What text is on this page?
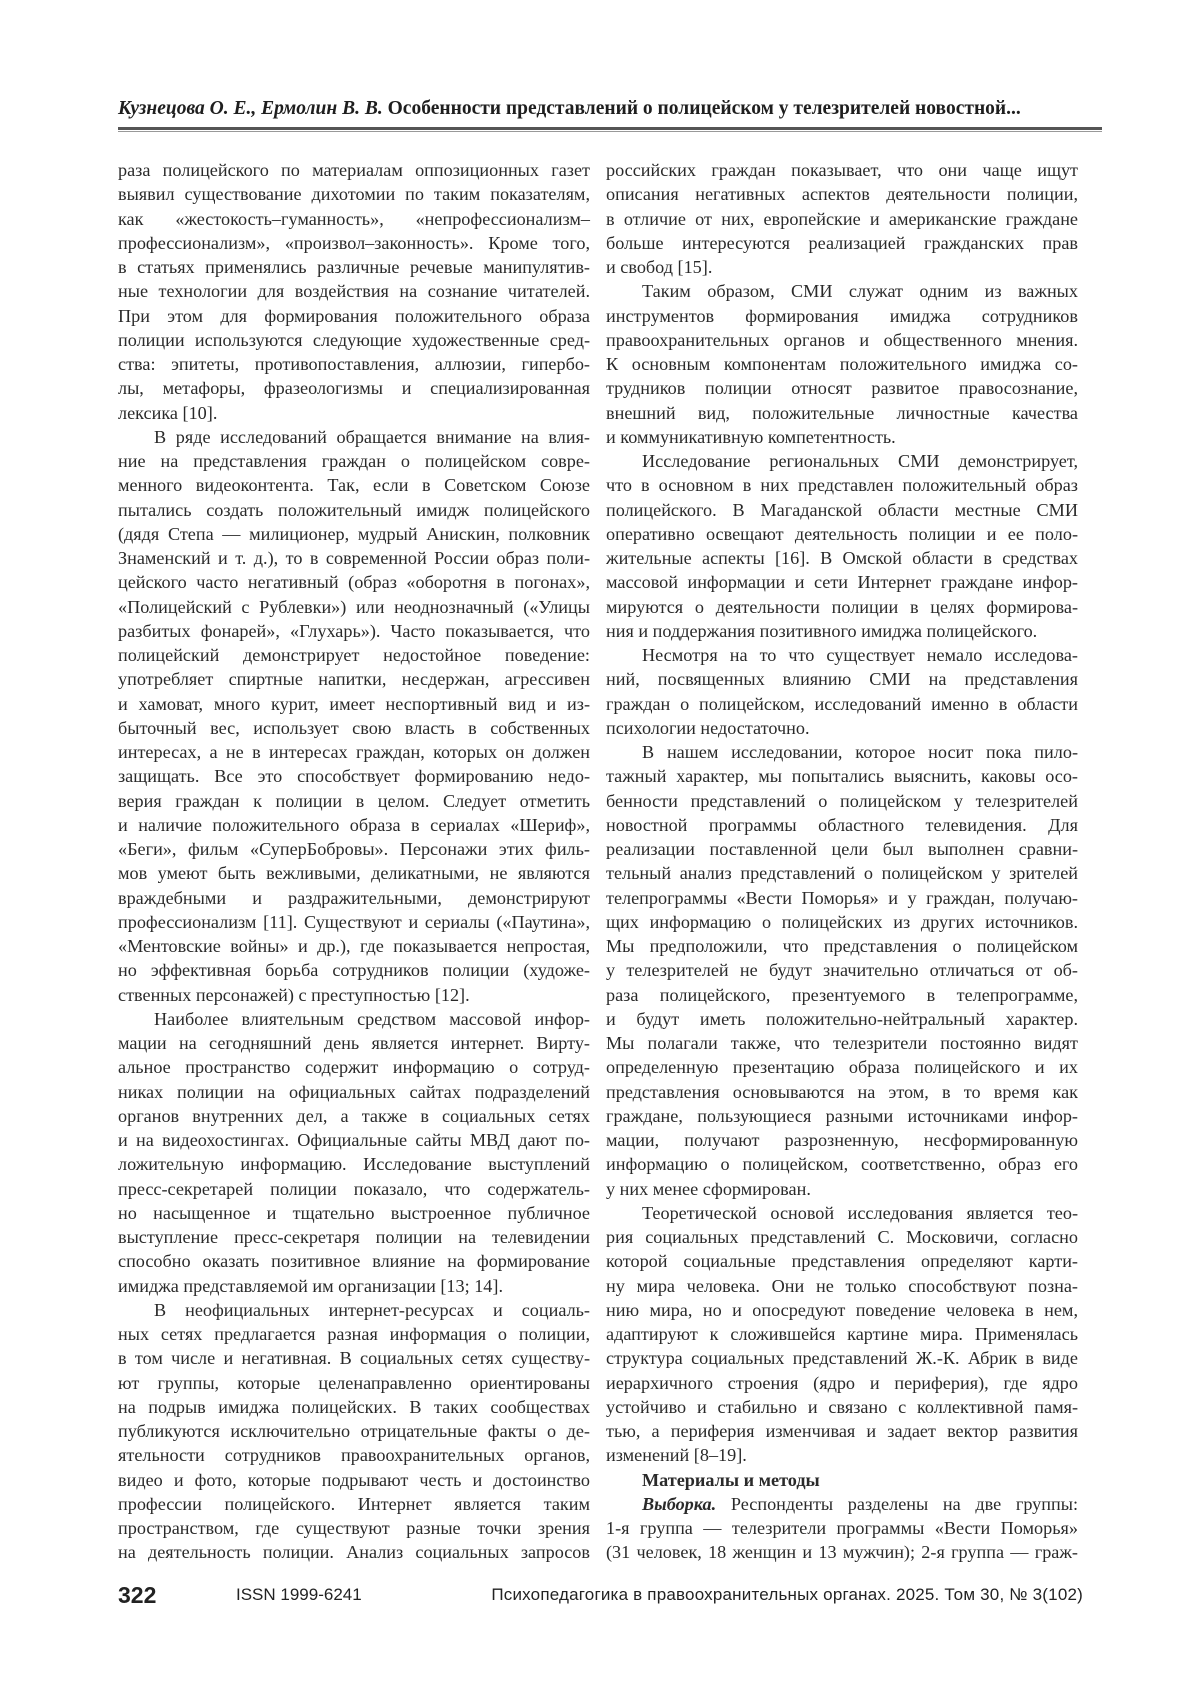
Кузнецова О. Е., Ермолин В. В. Особенности представлений о полицейском у телезрителей новостной...
раза полицейского по материалам оппозиционных газет
выявил существование дихотомии по таким показателям,
как «жестокость–гуманность», «непрофессионализм–
профессионализм», «произвол–законность». Кроме того,
в статьях применялись различные речевые манипулятив-
ные технологии для воздействия на сознание читателей.
При этом для формирования положительного образа
полиции используются следующие художественные сред-
ства: эпитеты, противопоставления, аллюзии, гипербо-
лы, метафоры, фразеологизмы и специализированная
лексика [10].
В ряде исследований обращается внимание на влия-
ние на представления граждан о полицейском совре-
менного видеоконтента. Так, если в Советском Союзе
пытались создать положительный имидж полицейского
(дядя Степа — милиционер, мудрый Анискин, полковник
Знаменский и т. д.), то в современной России образ поли-
цейского часто негативный (образ «оборотня в погонах»,
«Полицейский с Рублевки») или неоднозначный («Улицы
разбитых фонарей», «Глухарь»). Часто показывается, что
полицейский демонстрирует недостойное поведение:
употребляет спиртные напитки, несдержан, агрессивен
и хамоват, много курит, имеет неспортивный вид и из-
быточный вес, использует свою власть в собственных
интересах, а не в интересах граждан, которых он должен
защищать. Все это способствует формированию недо-
верия граждан к полиции в целом. Следует отметить
и наличие положительного образа в сериалах «Шериф»,
«Беги», фильм «СуперБобровы». Персонажи этих филь-
мов умеют быть вежливыми, деликатными, не являются
враждебными и раздражительными, демонстрируют
профессионализм [11]. Существуют и сериалы («Паутина»,
«Ментовские войны» и др.), где показывается непростая,
но эффективная борьба сотрудников полиции (художе-
ственных персонажей) с преступностью [12].
Наиболее влиятельным средством массовой инфор-
мации на сегодняшний день является интернет. Вирту-
альное пространство содержит информацию о сотруд-
никах полиции на официальных сайтах подразделений
органов внутренних дел, а также в социальных сетях
и на видеохостингах. Официальные сайты МВД дают по-
ложительную информацию. Исследование выступлений
пресс-секретарей полиции показало, что содержатель-
но насыщенное и тщательно выстроенное публичное
выступление пресс-секретаря полиции на телевидении
способно оказать позитивное влияние на формирование
имиджа представляемой им организации [13; 14].
В неофициальных интернет-ресурсах и социаль-
ных сетях предлагается разная информация о полиции,
в том числе и негативная. В социальных сетях существу-
ют группы, которые целенаправленно ориентированы
на подрыв имиджа полицейских. В таких сообществах
публикуются исключительно отрицательные факты о де-
ятельности сотрудников правоохранительных органов,
видео и фото, которые подрывают честь и достоинство
профессии полицейского. Интернет является таким
пространством, где существуют разные точки зрения
на деятельность полиции. Анализ социальных запросов
российских граждан показывает, что они чаще ищут
описания негативных аспектов деятельности полиции,
в отличие от них, европейские и американские граждане
больше интересуются реализацией гражданских прав
и свобод [15].
Таким образом, СМИ служат одним из важных
инструментов формирования имиджа сотрудников
правоохранительных органов и общественного мнения.
К основным компонентам положительного имиджа со-
трудников полиции относят развитое правосознание,
внешний вид, положительные личностные качества
и коммуникативную компетентность.
Исследование региональных СМИ демонстрирует,
что в основном в них представлен положительный образ
полицейского. В Магаданской области местные СМИ
оперативно освещают деятельность полиции и ее поло-
жительные аспекты [16]. В Омской области в средствах
массовой информации и сети Интернет граждане инфор-
мируются о деятельности полиции в целях формирова-
ния и поддержания позитивного имиджа полицейского.
Несмотря на то что существует немало исследова-
ний, посвященных влиянию СМИ на представления
граждан о полицейском, исследований именно в области
психологии недостаточно.
В нашем исследовании, которое носит пока пило-
тажный характер, мы попытались выяснить, каковы осо-
бенности представлений о полицейском у телезрителей
новостной программы областного телевидения. Для
реализации поставленной цели был выполнен сравни-
тельный анализ представлений о полицейском у зрителей
телепрограммы «Вести Поморья» и у граждан, получаю-
щих информацию о полицейских из других источников.
Мы предположили, что представления о полицейском
у телезрителей не будут значительно отличаться от об-
раза полицейского, презентуемого в телепрограмме,
и будут иметь положительно-нейтральный характер.
Мы полагали также, что телезрители постоянно видят
определенную презентацию образа полицейского и их
представления основываются на этом, в то время как
граждане, пользующиеся разными источниками инфор-
мации, получают разрозненную, несформированную
информацию о полицейском, соответственно, образ его
у них менее сформирован.
Теоретической основой исследования является тео-
рия социальных представлений С. Московичи, согласно
которой социальные представления определяют карти-
ну мира человека. Они не только способствуют позна-
нию мира, но и опосредуют поведение человека в нем,
адаптируют к сложившейся картине мира. Применялась
структура социальных представлений Ж.-К. Абрик в виде
иерархичного строения (ядро и периферия), где ядро
устойчиво и стабильно и связано с коллективной памя-
тью, а периферия изменчивая и задает вектор развития
изменений [8–19].
Материалы и методы
Выборка. Респонденты разделены на две группы:
1-я группа — телезрители программы «Вести Поморья»
(31 человек, 18 женщин и 13 мужчин); 2-я группа — граж-
322	ISSN 1999-6241	Психопедагогика в правоохранительных органах. 2025. Том 30, № 3(102)
